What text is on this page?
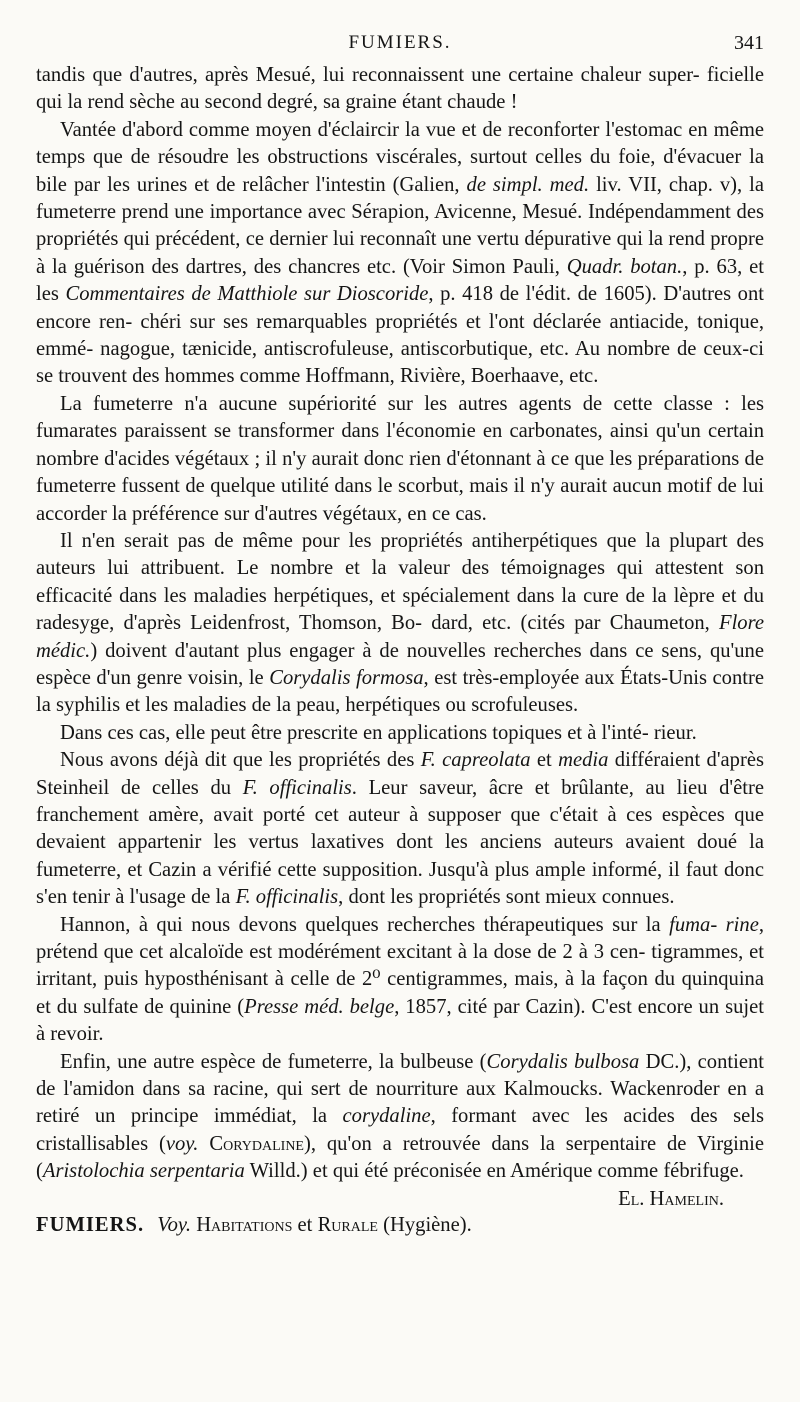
FUMIERS.	341

tandis que d'autres, après Mesué, lui reconnaissent une certaine chaleur super- ficielle qui la rend sèche au second degré, sa graine étant chaude !

Vantée d'abord comme moyen d'éclaircir la vue et de reconforter l'estomac en même temps que de résoudre les obstructions viscérales, surtout celles du foie, d'évacuer la bile par les urines et de relâcher l'intestin (Galien, de simpl. med. liv. VII, chap. v), la fumeterre prend une importance avec Sérapion, Avicenne, Mesué. Indépendamment des propriétés qui précédent, ce dernier lui reconnaît une vertu dépurative qui la rend propre à la guérison des dartres, des chancres etc. (Voir Simon Pauli, Quadr. botan., p. 63, et les Commentaires de Matthiole sur Dioscoride, p. 418 de l'édit. de 1605). D'autres ont encore ren- chéri sur ses remarquables propriétés et l'ont déclarée antiacide, tonique, emmé- nagogue, tænicide, antiscrofuleuse, antiscorbutique, etc. Au nombre de ceux-ci se trouvent des hommes comme Hoffmann, Rivière, Boerhaave, etc.

La fumeterre n'a aucune supériorité sur les autres agents de cette classe : les fumarates paraissent se transformer dans l'économie en carbonates, ainsi qu'un certain nombre d'acides végétaux ; il n'y aurait donc rien d'étonnant à ce que les préparations de fumeterre fussent de quelque utilité dans le scorbut, mais il n'y aurait aucun motif de lui accorder la préférence sur d'autres végétaux, en ce cas.

Il n'en serait pas de même pour les propriétés antiherpétiques que la plupart des auteurs lui attribuent. Le nombre et la valeur des témoignages qui attestent son efficacité dans les maladies herpétiques, et spécialement dans la cure de la lèpre et du radesyge, d'après Leidenfrost, Thomson, Bo- dard, etc. (cités par Chaumeton, Flore médic.) doivent d'autant plus engager à de nouvelles recherches dans ce sens, qu'une espèce d'un genre voisin, le Corydalis formosa, est très-employée aux États-Unis contre la syphilis et les maladies de la peau, herpétiques ou scrofuleuses.

Dans ces cas, elle peut être prescrite en applications topiques et à l'inté- rieur.

Nous avons déjà dit que les propriétés des F. capreolata et media différaient d'après Steinheil de celles du F. officinalis. Leur saveur, âcre et brûlante, au lieu d'être franchement amère, avait porté cet auteur à supposer que c'était à ces espèces que devaient appartenir les vertus laxatives dont les anciens auteurs avaient doué la fumeterre, et Cazin a vérifié cette supposition. Jusqu'à plus ample informé, il faut donc s'en tenir à l'usage de la F. officinalis, dont les propriétés sont mieux connues.

Hannon, à qui nous devons quelques recherches thérapeutiques sur la fuma- rine, prétend que cet alcaloïde est modérément excitant à la dose de 2 à 3 cen- tigrammes, et irritant, puis hyposthénisant à celle de 2⁰ centigrammes, mais, à la façon du quinquina et du sulfate de quinine (Presse méd. belge, 1857, cité par Cazin). C'est encore un sujet à revoir.

Enfin, une autre espèce de fumeterre, la bulbeuse (Corydalis bulbosa DC.), contient de l'amidon dans sa racine, qui sert de nourriture aux Kalmoucks. Wackenroder en a retiré un principe immédiat, la corydaline, formant avec les acides des sels cristallisables (voy. Corydaline), qu'on a retrouvée dans la serpentaire de Virginie (Aristolochia serpentaria Willd.) et qui été préconisée en Amérique comme fébrifuge.
El. Hamelin.

FUMIERS. Voy. Habitations et Rurale (Hygiène).
